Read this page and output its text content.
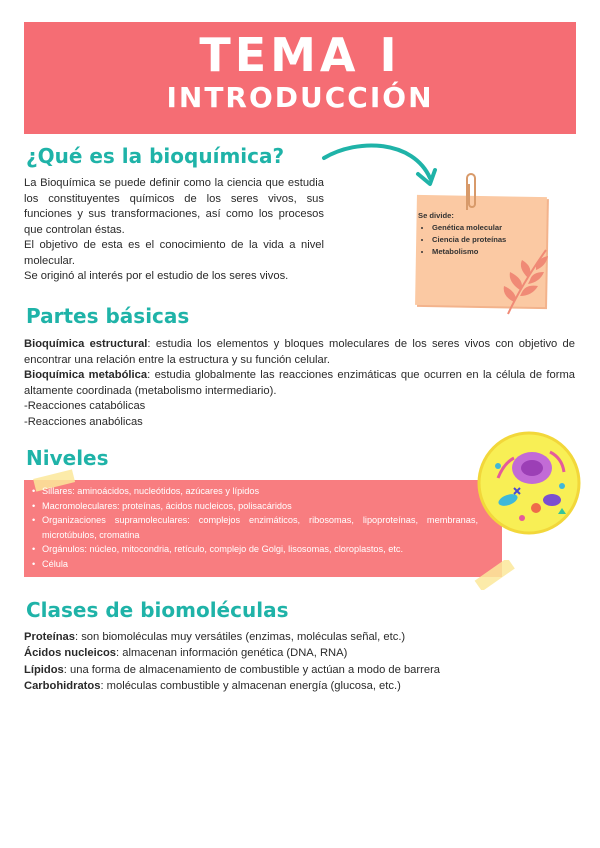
TEMA I
INTRODUCCIÓN
¿Qué es la bioquímica?

La Bioquímica se puede definir como la ciencia que estudia los constituyentes químicos de los seres vivos, sus funciones y sus transformaciones, así como los procesos que controlan éstas.

El objetivo de esta es el conocimiento de la vida a nivel molecular.

Se originó al interés por el estudio de los seres vivos.

Se divide:
• Genética molecular
• Ciencia de proteínas
• Metabolismo
Partes básicas

Bioquímica estructural: estudia los elementos y bloques moleculares de los seres vivos con objetivo de encontrar una relación entre la estructura y su función celular.

Bioquímica metabólica: estudia globalmente las reacciones enzimáticas que ocurren en la célula de forma altamente coordinada (metabolismo intermediario).

-Reacciones catabólicas

-Reacciones anabólicas

Niveles
• Sillares: aminoácidos, nucleótidos, azúcares y lípidos
• Macromoleculares: proteínas, ácidos nucleicos, polisacáridos
• Organizaciones supramoleculares: complejos enzimáticos, ribosomas, lipoproteínas, membranas, microtúbulos, cromatina
• Orgánulos: núcleo, mitocondria, retículo, complejo de Golgi, lisosomas, cloroplastos, etc.
• Célula
Clases de biomoléculas

Proteínas: son biomoléculas muy versátiles (enzimas, moléculas señal, etc.)

Ácidos nucleicos: almacenan información genética (DNA, RNA)

Lípidos: una forma de almacenamiento de combustible y actúan a modo de barrera

Carbohidratos: moléculas combustible y almacenan energía (glucosa, etc.)
